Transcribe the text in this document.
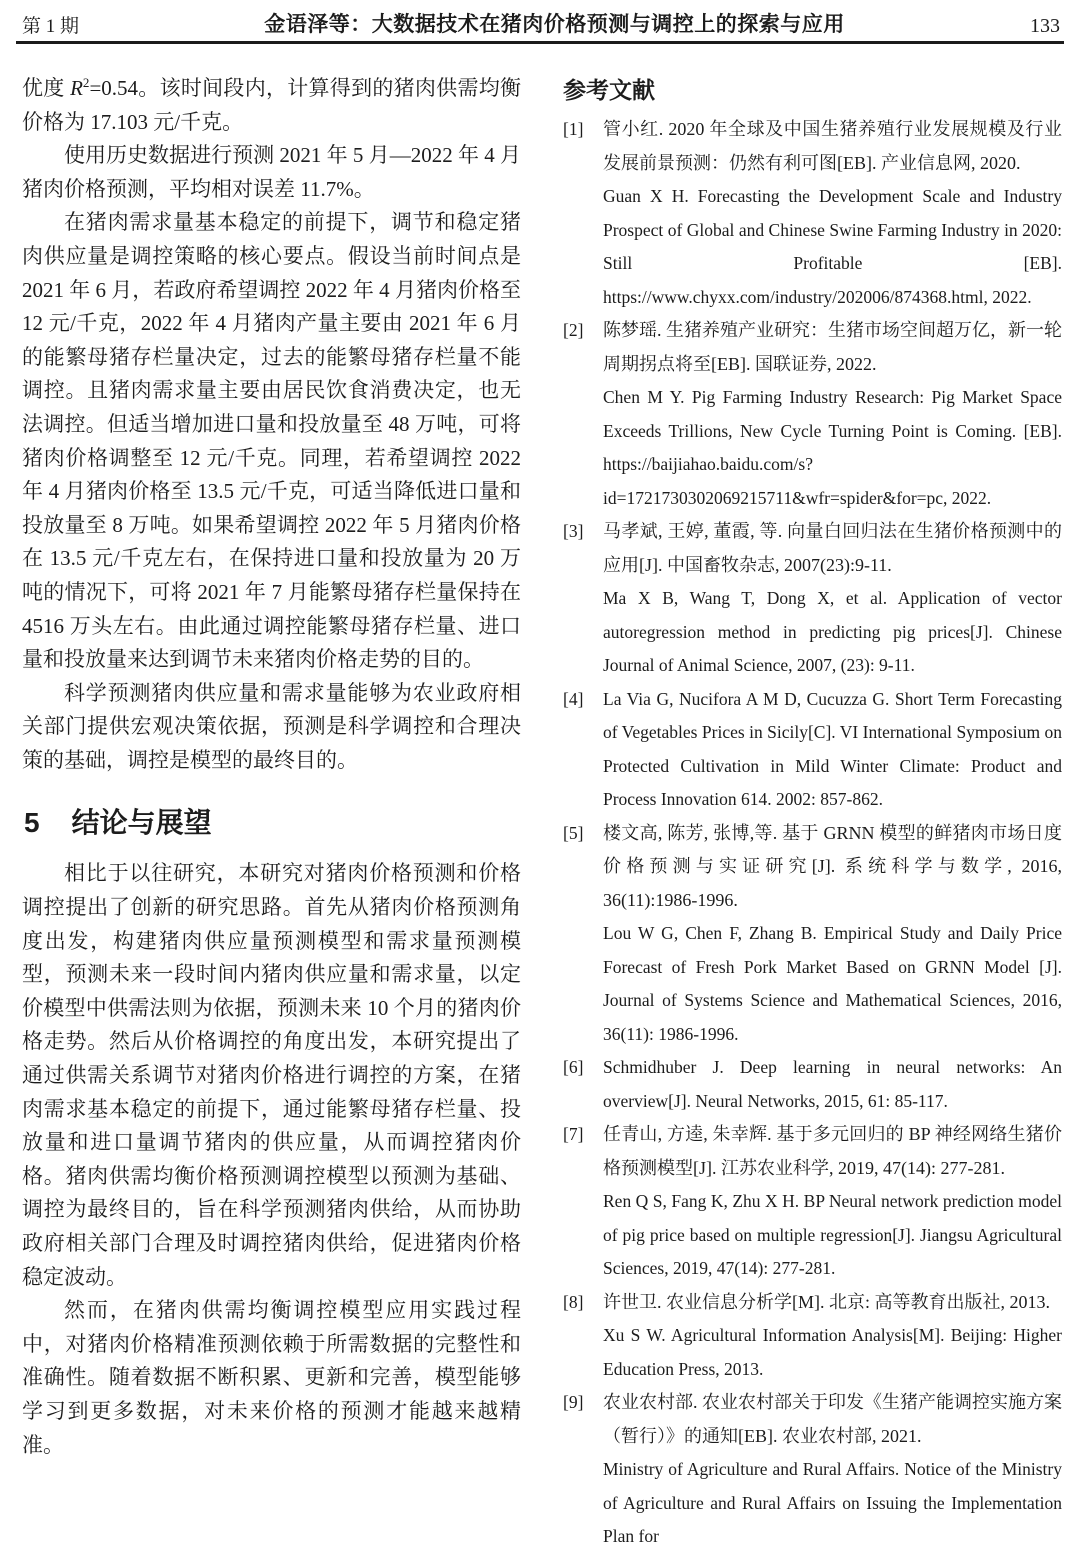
第 1 期	金语泽等：大数据技术在猪肉价格预测与调控上的探索与应用	133

优度 $R^2=0.54$。该时间段内，计算得到的猪肉供需均衡价格为 17.103 元/千克。

使用历史数据进行预测 2021 年 5 月—2022 年 4 月猪肉价格预测，平均相对误差 11.7%。

在猪肉需求量基本稳定的前提下，调节和稳定猪肉供应量是调控策略的核心要点。假设当前时间点是 2021 年 6 月，若政府希望调控 2022 年 4 月猪肉价格至 12 元/千克，2022 年 4 月猪肉产量主要由 2021 年 6 月的能繁母猪存栏量决定，过去的能繁母猪存栏量不能调控。且猪肉需求量主要由居民饮食消费决定，也无法调控。但适当增加进口量和投放量至 48 万吨，可将猪肉价格调整至 12 元/千克。同理，若希望调控 2022 年 4 月猪肉价格至 13.5 元/千克，可适当降低进口量和投放量至 8 万吨。如果希望调控 2022 年 5 月猪肉价格在 13.5 元/千克左右，在保持进口量和投放量为 20 万吨的情况下，可将 2021 年 7 月能繁母猪存栏量保持在 4516 万头左右。由此通过调控能繁母猪存栏量、进口量和投放量来达到调节未来猪肉价格走势的目的。

科学预测猪肉供应量和需求量能够为农业政府相关部门提供宏观决策依据，预测是科学调控和合理决策的基础，调控是模型的最终目的。

5 结论与展望

相比于以往研究，本研究对猪肉价格预测和价格调控提出了创新的研究思路。首先从猪肉价格预测角度出发，构建猪肉供应量预测模型和需求量预测模型，预测未来一段时间内猪肉供应量和需求量，以定价模型中供需法则为依据，预测未来 10 个月的猪肉价格走势。然后从价格调控的角度出发，本研究提出了通过供需关系调节对猪肉价格进行调控的方案，在猪肉需求基本稳定的前提下，通过能繁母猪存栏量、投放量和进口量调节猪肉的供应量，从而调控猪肉价格。猪肉供需均衡价格预测调控模型以预测为基础、调控为最终目的，旨在科学预测猪肉供给，从而协助政府相关部门合理及时调控猪肉供给，促进猪肉价格稳定波动。

然而，在猪肉供需均衡调控模型应用实践过程中，对猪肉价格精准预测依赖于所需数据的完整性和准确性。随着数据不断积累、更新和完善，模型能够学习到更多数据，对未来价格的预测才能越来越精准。

参考文献
[1]	管小红. 2020 年全球及中国生猪养殖行业发展规模及行业发展前景预测：仍然有利可图[EB]. 产业信息网, 2020.

Guan X H. Forecasting the Development Scale and Industry Prospect of Global and Chinese Swine Farming Industry in 2020: Still Profitable [EB]. https://www.chyxx.com/industry/202006/874368.html, 2022.

[2]	陈梦瑶. 生猪养殖产业研究：生猪市场空间超万亿，新一轮周期拐点将至[EB]. 国联证券, 2022.

Chen M Y. Pig Farming Industry Research: Pig Market Space Exceeds Trillions, New Cycle Turning Point is Coming. [EB]. https://baijiahao.baidu.com/s?id=1721730302069215711&wfr=spider&for=pc, 2022.

[3]	马孝斌, 王婷, 董霞, 等. 向量白回归法在生猪价格预测中的应用[J]. 中国畜牧杂志, 2007(23):9-11.

Ma X B, Wang T, Dong X, et al. Application of vector autoregression method in predicting pig prices[J]. Chinese Journal of Animal Science, 2007, (23): 9-11.

[4]	La Via G, Nucifora A M D, Cucuzza G. Short Term Forecasting of Vegetables Prices in Sicily[C]. VI International Symposium on Protected Cultivation in Mild Winter Climate: Product and Process Innovation 614. 2002: 857-862.

[5]	楼文高, 陈芳, 张博,等. 基于 GRNN 模型的鲜猪肉市场日度价格预测与实证研究[J]. 系统科学与数学, 2016, 36(11):1986-1996.

Lou W G, Chen F, Zhang B. Empirical Study and Daily Price Forecast of Fresh Pork Market Based on GRNN Model [J]. Journal of Systems Science and Mathematical Sciences, 2016, 36(11): 1986-1996.

[6]	Schmidhuber J. Deep learning in neural networks: An overview[J]. Neural Networks, 2015, 61: 85-117.

[7]	任青山, 方逵, 朱幸辉. 基于多元回归的 BP 神经网络生猪价格预测模型[J]. 江苏农业科学, 2019, 47(14): 277-281.

Ren Q S, Fang K, Zhu X H. BP Neural network prediction model of pig price based on multiple regression[J]. Jiangsu Agricultural Sciences, 2019, 47(14): 277-281.

[8]	许世卫. 农业信息分析学[M]. 北京: 高等教育出版社, 2013.

Xu S W. Agricultural Information Analysis[M]. Beijing: Higher Education Press, 2013.

[9]	农业农村部. 农业农村部关于印发《生猪产能调控实施方案（暂行）》的通知[EB]. 农业农村部, 2021.

Ministry of Agriculture and Rural Affairs. Notice of the Ministry of Agriculture and Rural Affairs on Issuing the Implementation Plan for
